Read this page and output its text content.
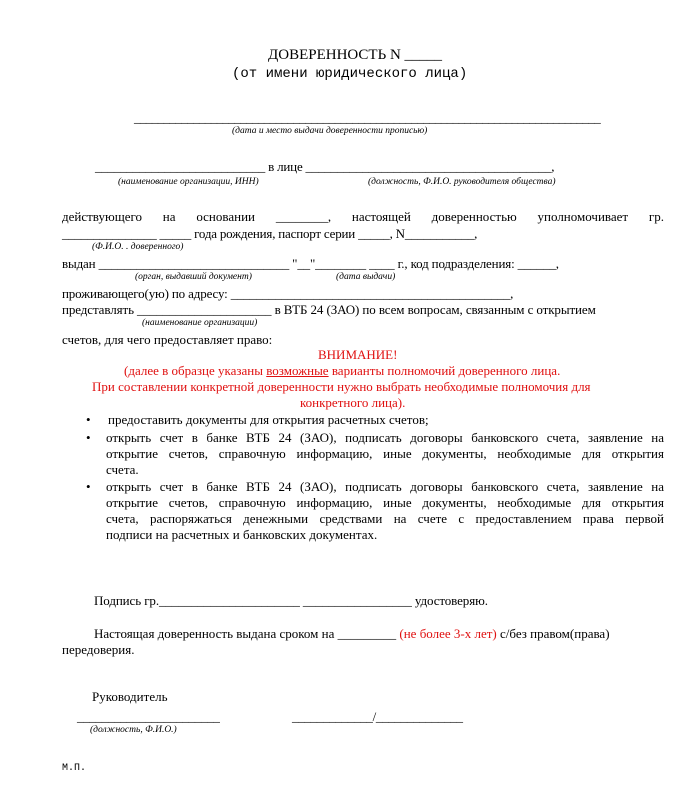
ДОВЕРЕННОСТЬ N _____
(от имени юридического лица)
_______________________________________________________________________________
(дата и место выдачи доверенности прописью)
___________________________ в лице _______________________________________,
(наименование организации, ИНН)	(должность, Ф.И.О. руководителя общества)
действующего на основании ________, настоящей доверенностью уполномочивает гр.
_______________ _____ года рождения, паспорт серии _____, N___________,
(Ф.И.О. . доверенного)
выдан ______________________________ "__"________ ____ г., код подразделения: ______,
(орган, выдавший документ)	(дата выдачи)
проживающего(ую) по адресу: ____________________________________________,
представлять _____________________ в ВТБ 24 (ЗАО) по всем вопросам, связанным с открытием
(наименование организации)
счетов, для чего предоставляет право:
ВНИМАНИЕ!
(далее в образце указаны возможные варианты полномочий доверенного лица.
При составлении конкретной доверенности нужно выбрать необходимые полномочия для
конкретного лица).
• предоставить документы для открытия расчетных счетов;
• открыть счет в банке ВТБ 24 (ЗАО), подписать договоры банковского счета, заявление на
открытие счетов, справочную информацию, иные документы, необходимые для открытия
счета.
• открыть счет в банке ВТБ 24 (ЗАО), подписать договоры банковского счета, заявление на
открытие счетов, справочную информацию, иные документы, необходимые для открытия
счета, распоряжаться денежными средствами на счете с предоставлением права первой
подписи на расчетных и банковских документах.
Подпись гр.______________________ _________________ удостоверяю.
Настоящая доверенность выдана сроком на _________ (не более 3-х лет) с/без правом(права)
передоверия.
Руководитель
_______________________	_____________/______________
(должность, Ф.И.О.)
М.П.
